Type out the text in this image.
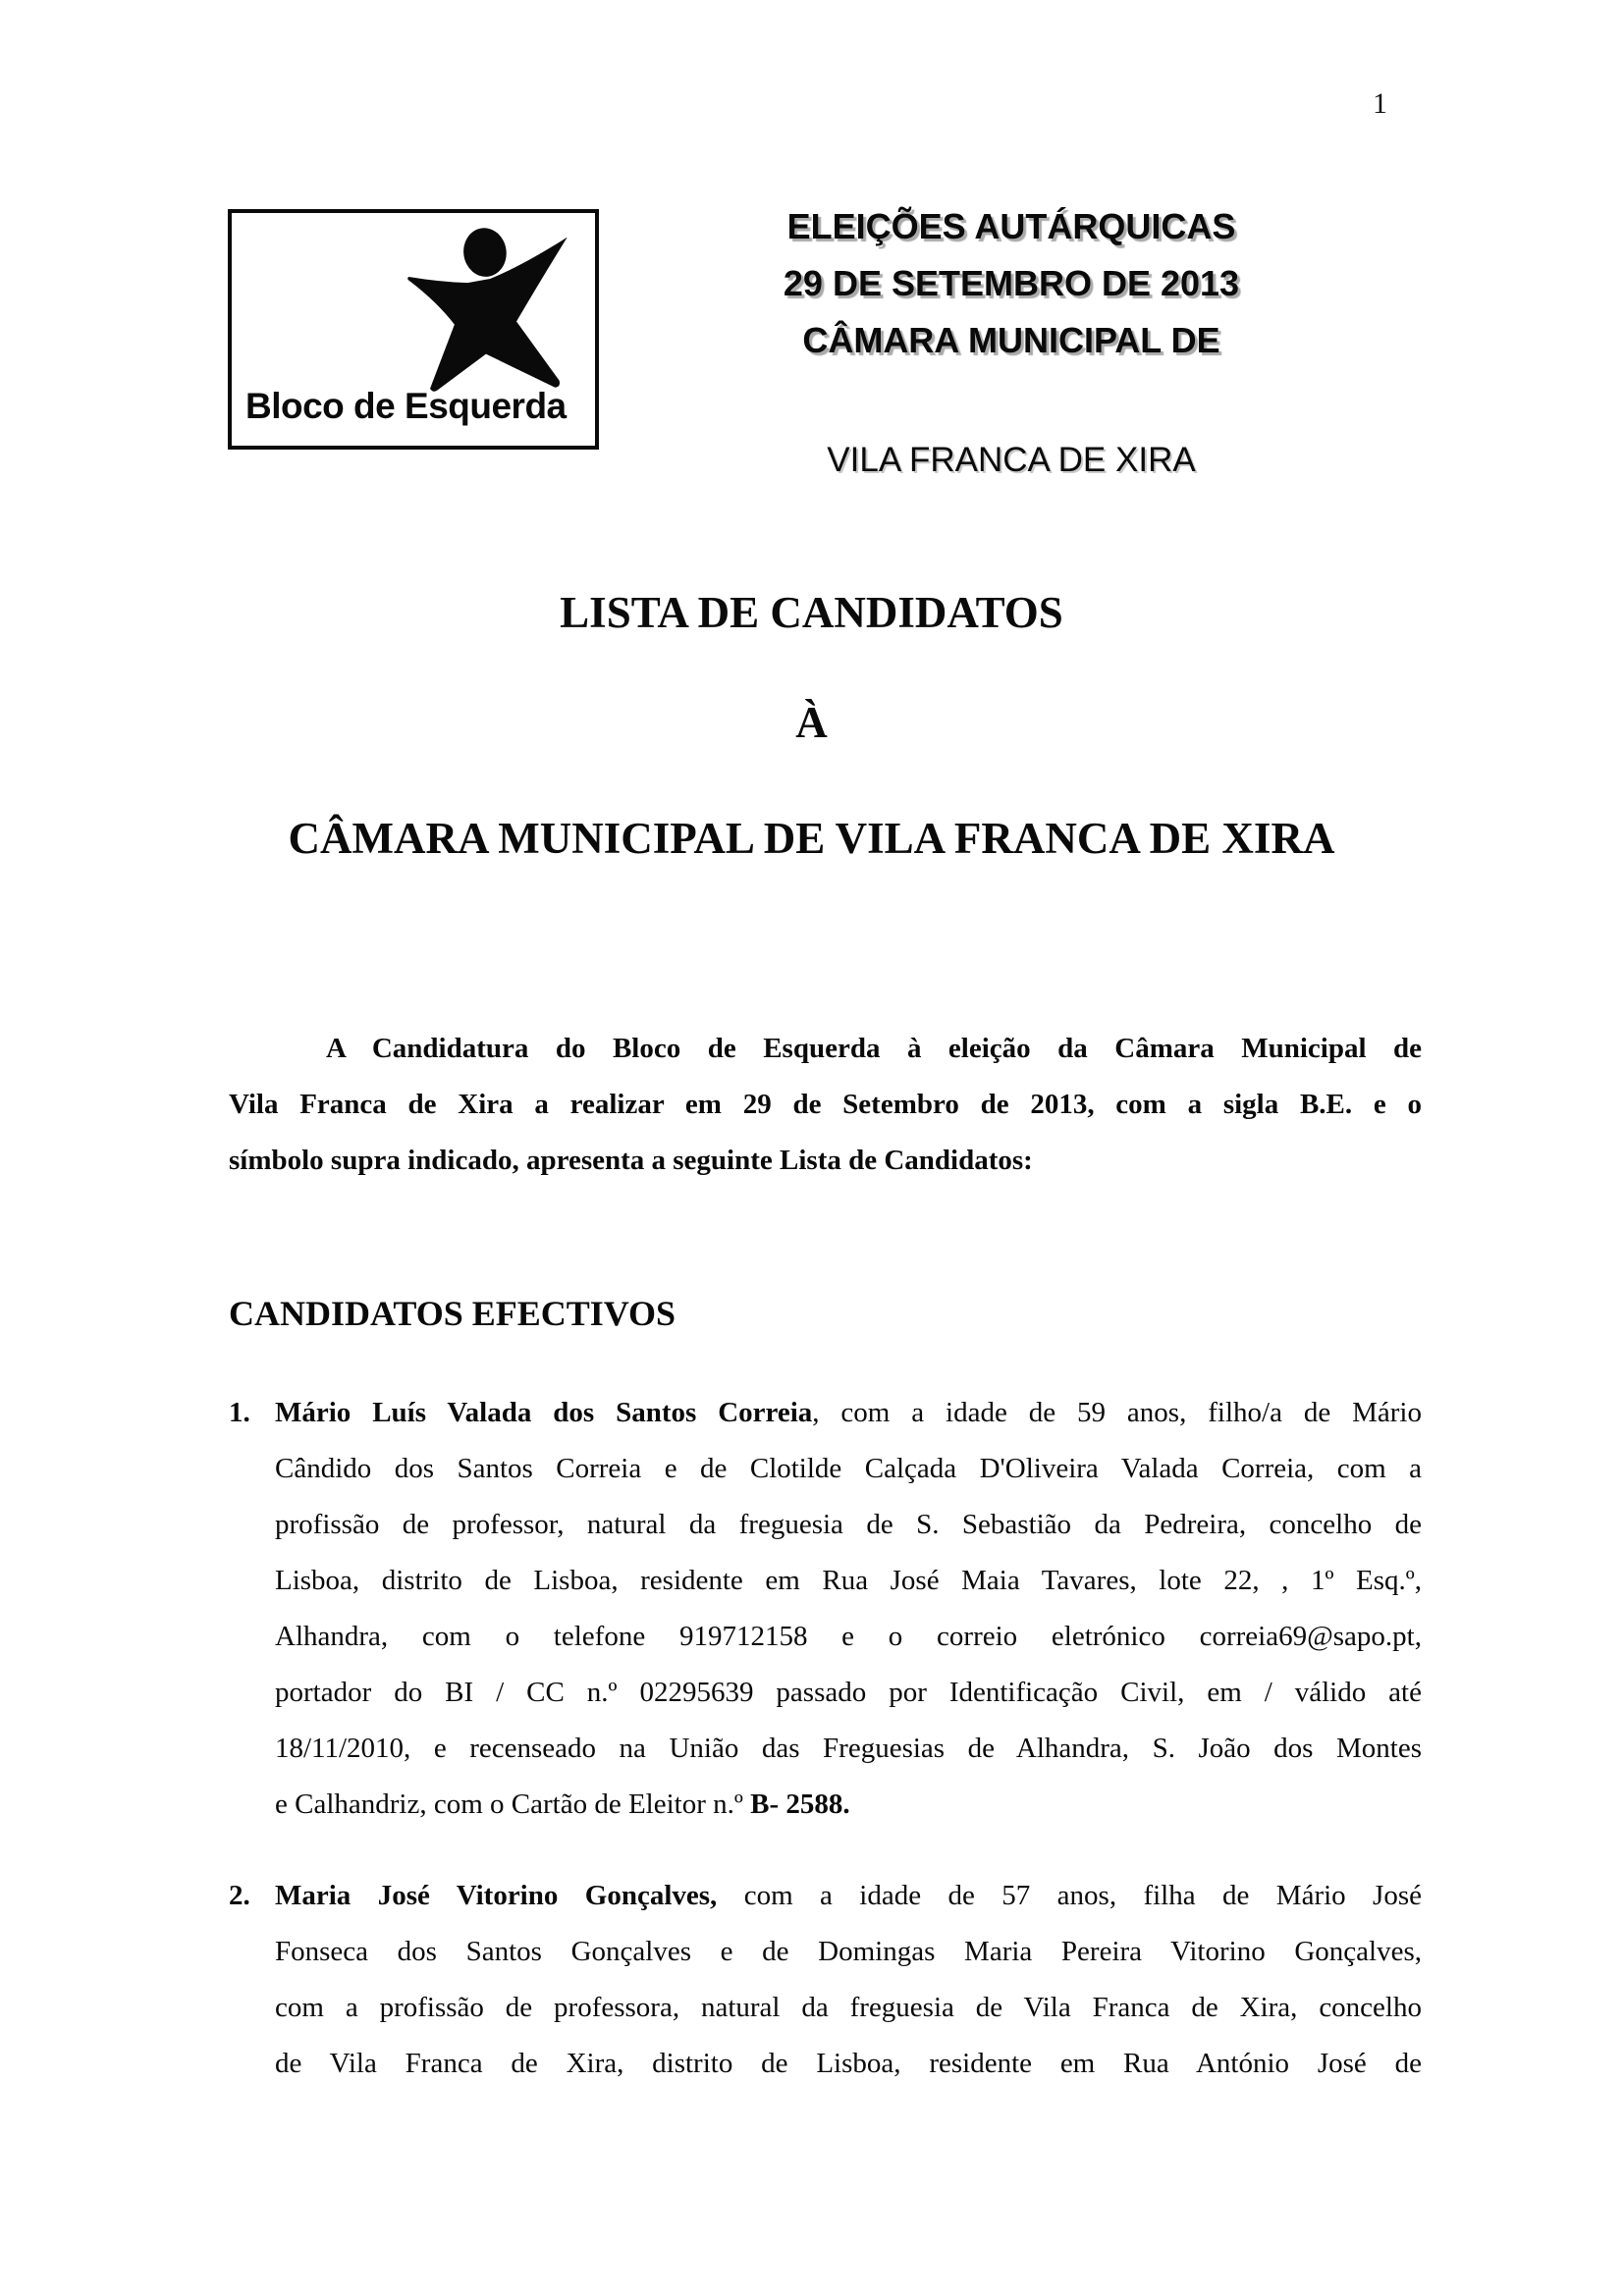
1
Bloco de Esquerda
ELEIÇÕES AUTÁRQUICAS
29 DE SETEMBRO DE 2013
CÂMARA MUNICIPAL DE
VILA FRANCA DE XIRA
LISTA DE CANDIDATOS
À
CÂMARA MUNICIPAL DE VILA FRANCA DE XIRA
A Candidatura do Bloco de Esquerda à eleição da Câmara Municipal de
Vila Franca de Xira a realizar em 29 de Setembro de 2013, com a sigla B.E. e o
símbolo supra indicado, apresenta a seguinte Lista de Candidatos:
CANDIDATOS EFECTIVOS
1. Mário Luís Valada dos Santos Correia, com a idade de 59 anos, filho/a de Mário
Cândido dos Santos Correia e de Clotilde Calçada D'Oliveira Valada Correia, com a
profissão de professor, natural da freguesia de S. Sebastião da Pedreira, concelho de
Lisboa, distrito de Lisboa, residente em Rua José Maia Tavares, lote 22, , 1º Esq.º,
Alhandra, com o telefone 919712158 e o correio eletrónico correia69@sapo.pt,
portador do BI / CC n.º 02295639 passado por Identificação Civil, em / válido até
18/11/2010, e recenseado na União das Freguesias de Alhandra, S. João dos Montes
e Calhandriz, com o Cartão de Eleitor n.º B- 2588.
2. Maria José Vitorino Gonçalves, com a idade de 57 anos, filha de Mário José
Fonseca dos Santos Gonçalves e de Domingas Maria Pereira Vitorino Gonçalves,
com a profissão de professora, natural da freguesia de Vila Franca de Xira, concelho
de Vila Franca de Xira, distrito de Lisboa, residente em Rua António José de
